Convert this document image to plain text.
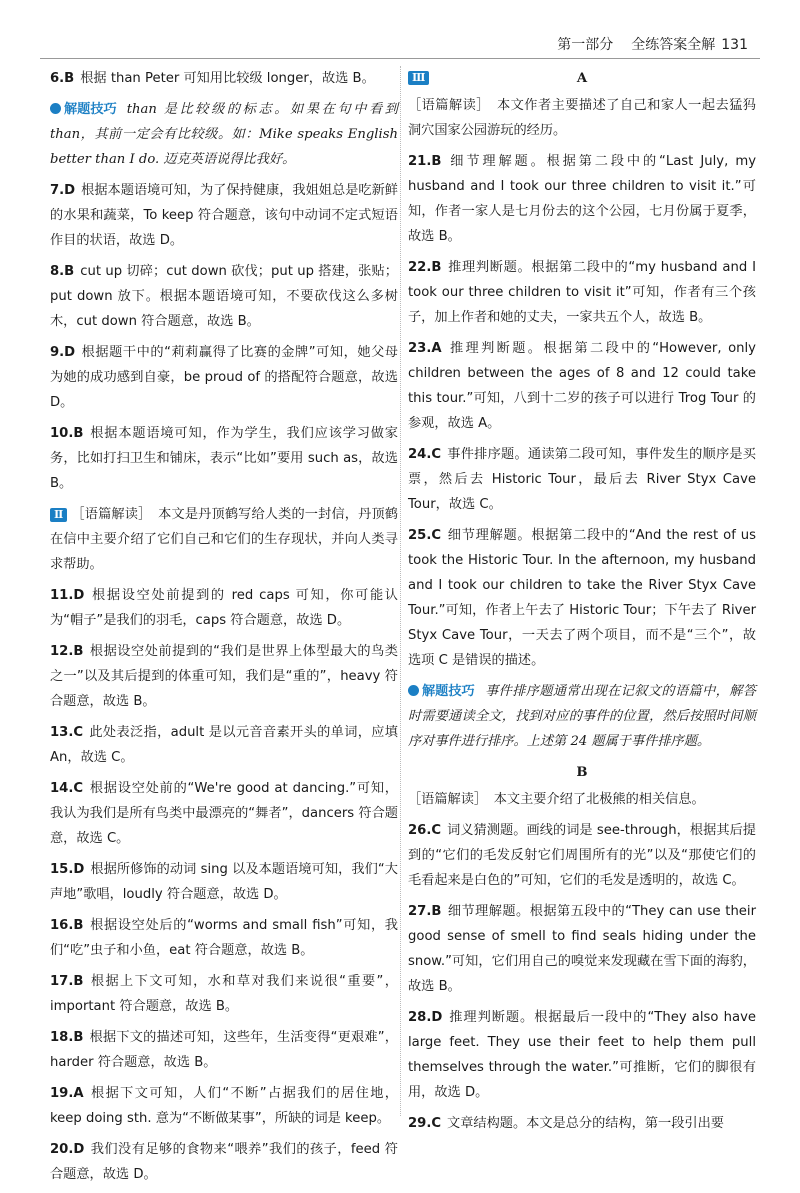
第一部分 全练答案全解 131

6.B 根据 than Peter 可知用比较级 longer，故选 B。

解题技巧 than 是比较级的标志。如果在句中看到 than，其前一定会有比较级。如：Mike speaks English better than I do. 迈克英语说得比我好。

7.D 根据本题语境可知，为了保持健康，我姐姐总是吃新鲜的水果和蔬菜，To keep 符合题意，该句中动词不定式短语作目的状语，故选 D。

8.B cut up 切碎；cut down 砍伐；put up 搭建，张贴；put down 放下。根据本题语境可知，不要砍伐这么多树木，cut down 符合题意，故选 B。

9.D 根据题干中的“莉莉赢得了比赛的金牌”可知，她父母为她的成功感到自豪，be proud of 的搭配符合题意，故选 D。

10.B 根据本题语境可知，作为学生，我们应该学习做家务，比如打扫卫生和铺床，表示“比如”要用 such as，故选 B。

Ⅱ ［语篇解读］　本文是丹顶鹤写给人类的一封信，丹顶鹤在信中主要介绍了它们自己和它们的生存现状，并向人类寻求帮助。

11.D 根据设空处前提到的 red caps 可知，你可能认为“帽子”是我们的羽毛，caps 符合题意，故选 D。

12.B 根据设空处前提到的“我们是世界上体型最大的鸟类之一”以及其后提到的体重可知，我们是“重的”，heavy 符合题意，故选 B。

13.C 此处表泛指，adult 是以元音音素开头的单词，应填 An，故选 C。

14.C 根据设空处前的“We're good at dancing.”可知，我认为我们是所有鸟类中最漂亮的“舞者”，dancers 符合题意，故选 C。

15.D 根据所修饰的动词 sing 以及本题语境可知，我们“大声地”歌唱，loudly 符合题意，故选 D。

16.B 根据设空处后的“worms and small fish”可知，我们“吃”虫子和小鱼，eat 符合题意，故选 B。

17.B 根据上下文可知，水和草对我们来说很“重要”，important 符合题意，故选 B。

18.B 根据下文的描述可知，这些年，生活变得“更艰难”，harder 符合题意，故选 B。

19.A 根据下文可知，人们“不断”占据我们的居住地，keep doing sth. 意为“不断做某事”，所缺的词是 keep。

20.D 我们没有足够的食物来“喂养”我们的孩子，feed 符合题意，故选 D。

Ⅲ	A

［语篇解读］　本文作者主要描述了自己和家人一起去猛犸洞穴国家公园游玩的经历。

21.B 细节理解题。根据第二段中的“Last July, my husband and I took our three children to visit it.”可知，作者一家人是七月份去的这个公园，七月份属于夏季，故选 B。

22.B 推理判断题。根据第二段中的“my husband and I took our three children to visit it”可知，作者有三个孩子，加上作者和她的丈夫，一家共五个人，故选 B。

23.A 推理判断题。根据第二段中的“However, only children between the ages of 8 and 12 could take this tour.”可知，八到十二岁的孩子可以进行 Trog Tour 的参观，故选 A。

24.C 事件排序题。通读第二段可知，事件发生的顺序是买票，然后去 Historic Tour，最后去 River Styx Cave Tour，故选 C。

25.C 细节理解题。根据第二段中的“And the rest of us took the Historic Tour. In the afternoon, my husband and I took our children to take the River Styx Cave Tour.”可知，作者上午去了 Historic Tour；下午去了 River Styx Cave Tour，一天去了两个项目，而不是“三个”，故选项 C 是错误的描述。

解题技巧 事件排序题通常出现在记叙文的语篇中，解答时需要通读全文，找到对应的事件的位置，然后按照时间顺序对事件进行排序。上述第 24 题属于事件排序题。

B

［语篇解读］　本文主要介绍了北极熊的相关信息。

26.C 词义猜测题。画线的词是 see-through，根据其后提到的“它们的毛发反射它们周围所有的光”以及“那使它们的毛看起来是白色的”可知，它们的毛发是透明的，故选 C。

27.B 细节理解题。根据第五段中的“They can use their good sense of smell to find seals hiding under the snow.”可知，它们用自己的嗅觉来发现藏在雪下面的海豹，故选 B。

28.D 推理判断题。根据最后一段中的“They also have large feet. They use their feet to help them pull themselves through the water.”可推断，它们的脚很有用，故选 D。

29.C 文章结构题。本文是总分的结构，第一段引出要
